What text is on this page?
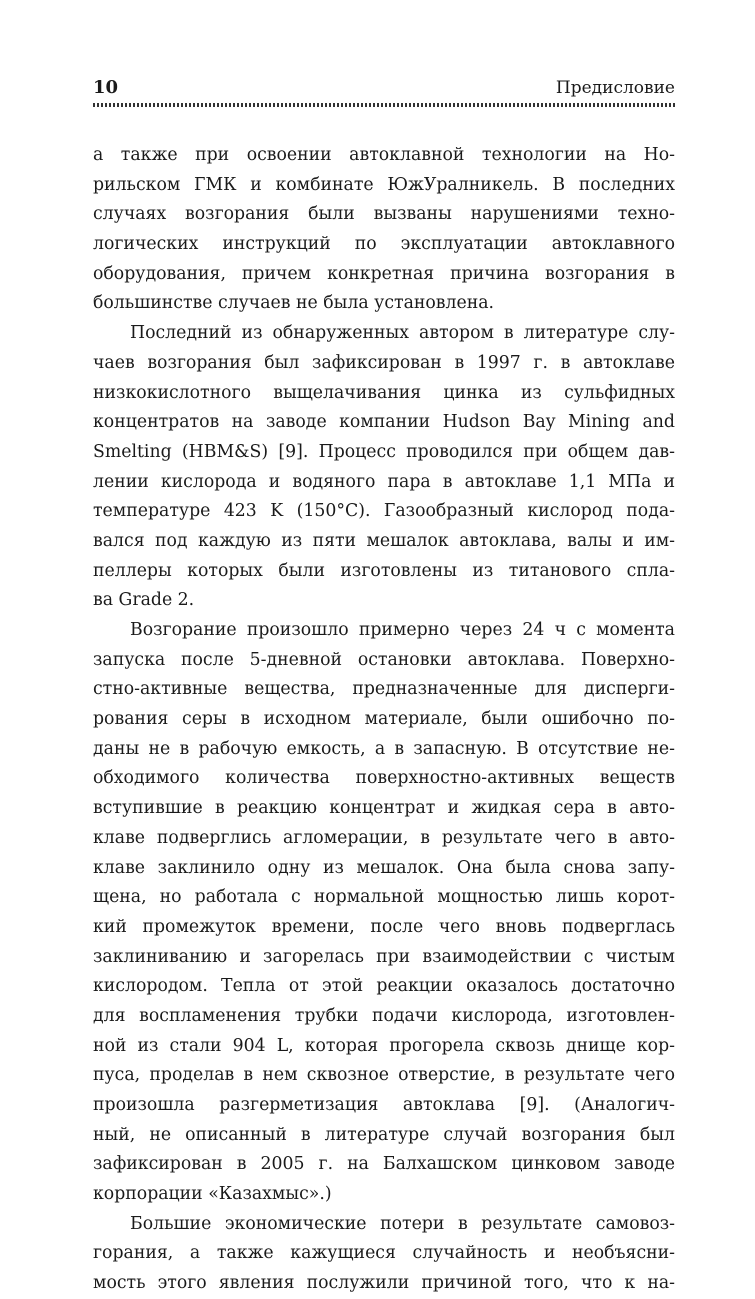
10	Предисловие
а также при освоении автоклавной технологии на Но-
рильском ГМК и комбинате ЮжУралникель. В последних
случаях возгорания были вызваны нарушениями техно-
логических инструкций по эксплуатации автоклавного
оборудования, причем конкретная причина возгорания в
большинстве случаев не была установлена.
Последний из обнаруженных автором в литературе слу-
чаев возгорания был зафиксирован в 1997 г. в автоклаве
низкокислотного выщелачивания цинка из сульфидных
концентратов на заводе компании Hudson Bay Mining and
Smelting (HBM&S) [9]. Процесс проводился при общем дав-
лении кислорода и водяного пара в автоклаве 1,1 МПа и
температуре 423 K (150°C). Газообразный кислород пода-
вался под каждую из пяти мешалок автоклава, валы и им-
пеллеры которых были изготовлены из титанового спла-
ва Grade 2.
Возгорание произошло примерно через 24 ч с момента
запуска после 5-дневной остановки автоклава. Поверхно-
стно-активные вещества, предназначенные для дисперги-
рования серы в исходном материале, были ошибочно по-
даны не в рабочую емкость, а в запасную. В отсутствие не-
обходимого количества поверхностно-активных веществ
вступившие в реакцию концентрат и жидкая сера в авто-
клаве подверглись агломерации, в результате чего в авто-
клаве заклинило одну из мешалок. Она была снова запу-
щена, но работала с нормальной мощностью лишь корот-
кий промежуток времени, после чего вновь подверглась
заклиниванию и загорелась при взаимодействии с чистым
кислородом. Тепла от этой реакции оказалось достаточно
для воспламенения трубки подачи кислорода, изготовлен-
ной из стали 904 L, которая прогорела сквозь днище кор-
пуса, проделав в нем сквозное отверстие, в результате чего
произошла разгерметизация автоклава [9]. (Аналогич-
ный, не описанный в литературе случай возгорания был
зафиксирован в 2005 г. на Балхашском цинковом заводе
корпорации «Казахмыс».)
Большие экономические потери в результате самовоз-
горания, а также кажущиеся случайность и необъясни-
мость этого явления послужили причиной того, что к на-
